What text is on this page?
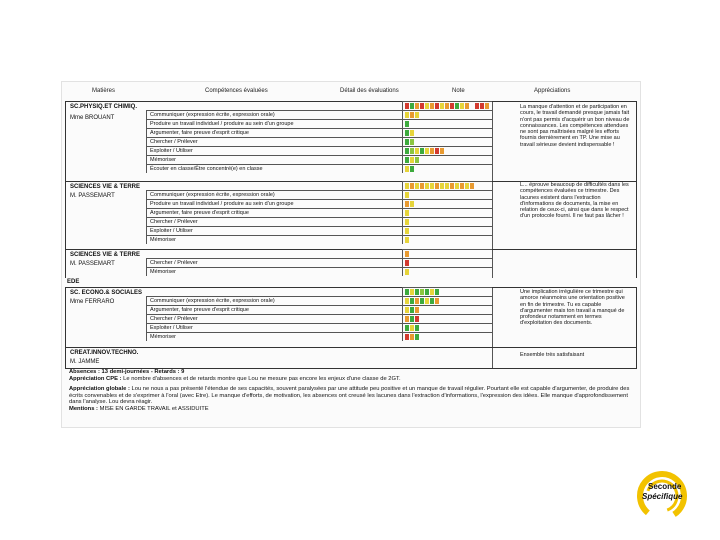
Matières	Compétences évaluées	Détail des évaluations	Note	Appréciations
SC.PHYSIQ.ET CHIMIQ.
Mme BROUANT	Communiquer (expression écrite, expression orale)
Produire un travail individuel / produire au sein d'un groupe
Argumenter, faire preuve d'esprit critique
Chercher / Prélever
Exploiter / Utiliser
Mémoriser
Écouter en classe/Être concentré(e) en classe
La manque d'attention et de participation en cours, le travail demandé presque jamais fait n'ont pas permis d'acquérir un bon niveau de connaissances. Les compétences attendues ne sont pas maîtrisées malgré les efforts fournis dernièrement en TP. Une mise au travail sérieuse devient indispensable !
SCIENCES VIE & TERRE
M. PASSEMART	Communiquer (expression écrite, expression orale)
Produire un travail individuel / produire au sein d'un groupe
Argumenter, faire preuve d'esprit critique
Chercher / Prélever
Exploiter / Utiliser
Mémoriser
L... éprouve beaucoup de difficultés dans les compétences évaluées ce trimestre. Des lacunes existent dans l'extraction d'informations de documents, la mise en relation de ceux-ci, ainsi que dans le respect d'un protocole fourni. Il ne faut pas lâcher !
SCIENCES VIE & TERRE
M. PASSEMART	Chercher / Prélever
Mémoriser
EDE
SC. ECONO.& SOCIALES
Mme FERRARO	Communiquer (expression écrite, expression orale)
Argumenter, faire preuve d'esprit critique
Chercher / Prélever
Exploiter / Utiliser
Mémoriser
Une implication irrégulière ce trimestre qui amorce néanmoins une orientation positive en fin de trimestre. Tu es capable d'argumenter mais ton travail a manqué de profondeur notamment en termes d'exploitation des documents.
CREAT.INNOV.TECHNO.
M. JAMME
Ensemble très satisfaisant
Absences : 13 demi-journées - Retards : 9
Appréciation CPE : Le nombre d'absences et de retards montre que Lou ne mesure pas encore les enjeux d'une classe de 2GT.
Appréciation globale : Lou ne nous a pas présenté l'étendue de ses capacités, souvent paralysées par une attitude peu positive et un manque de travail régulier. Pourtant elle est capable d'argumenter, de produire des écrits convenables et de s'exprimer à l'oral (avec Etre). Le manque d'efforts, de motivation, les absences ont creusé les lacunes dans l'extraction d'informations, l'expression des idées. Elle manque d'approfondissement dans l'analyse. Lou devra réagir.
Mentions : MISE EN GARDE TRAVAIL et ASSIDUITE
Seconde
Spécifique
